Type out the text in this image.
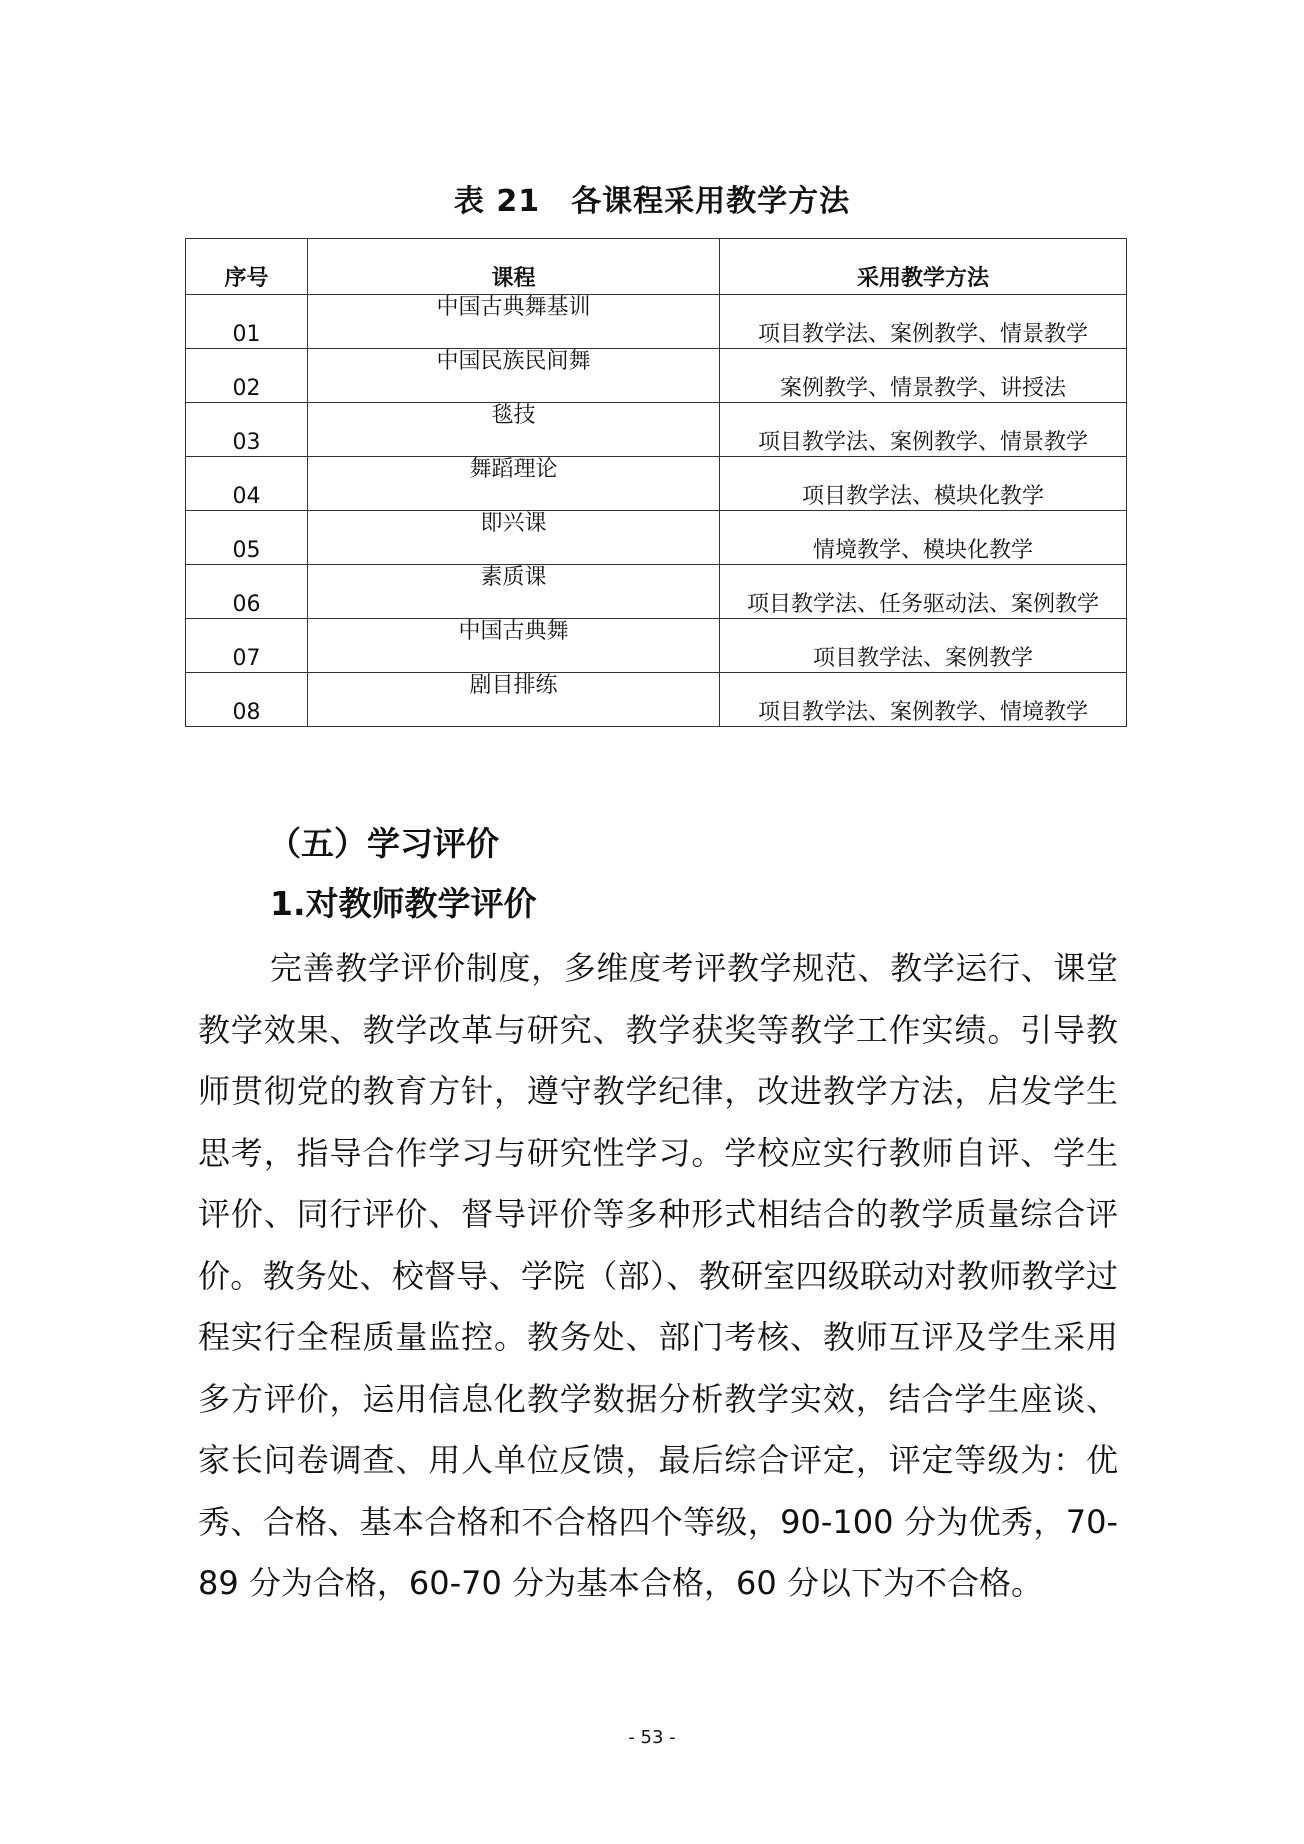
表 21　各课程采用教学方法
序号	课程	采用教学方法
01	中国古典舞基训	项目教学法、案例教学、情景教学
02	中国民族民间舞	案例教学、情景教学、讲授法
03	毯技	项目教学法、案例教学、情景教学
04	舞蹈理论	项目教学法、模块化教学
05	即兴课	情境教学、模块化教学
06	素质课	项目教学法、任务驱动法、案例教学
07	中国古典舞	项目教学法、案例教学
08	剧目排练	项目教学法、案例教学、情境教学
（五）学习评价
1.对教师教学评价

完善教学评价制度，多维度考评教学规范、教学运行、课堂教学效果、教学改革与研究、教学获奖等教学工作实绩。引导教师贯彻党的教育方针，遵守教学纪律，改进教学方法，启发学生思考，指导合作学习与研究性学习。学校应实行教师自评、学生评价、同行评价、督导评价等多种形式相结合的教学质量综合评价。教务处、校督导、学院（部）、教研室四级联动对教师教学过程实行全程质量监控。教务处、部门考核、教师互评及学生采用多方评价，运用信息化教学数据分析教学实效，结合学生座谈、家长问卷调查、用人单位反馈，最后综合评定，评定等级为：优秀、合格、基本合格和不合格四个等级，90-100 分为优秀，70-89 分为合格，60-70 分为基本合格，60 分以下为不合格。

- 53 -
